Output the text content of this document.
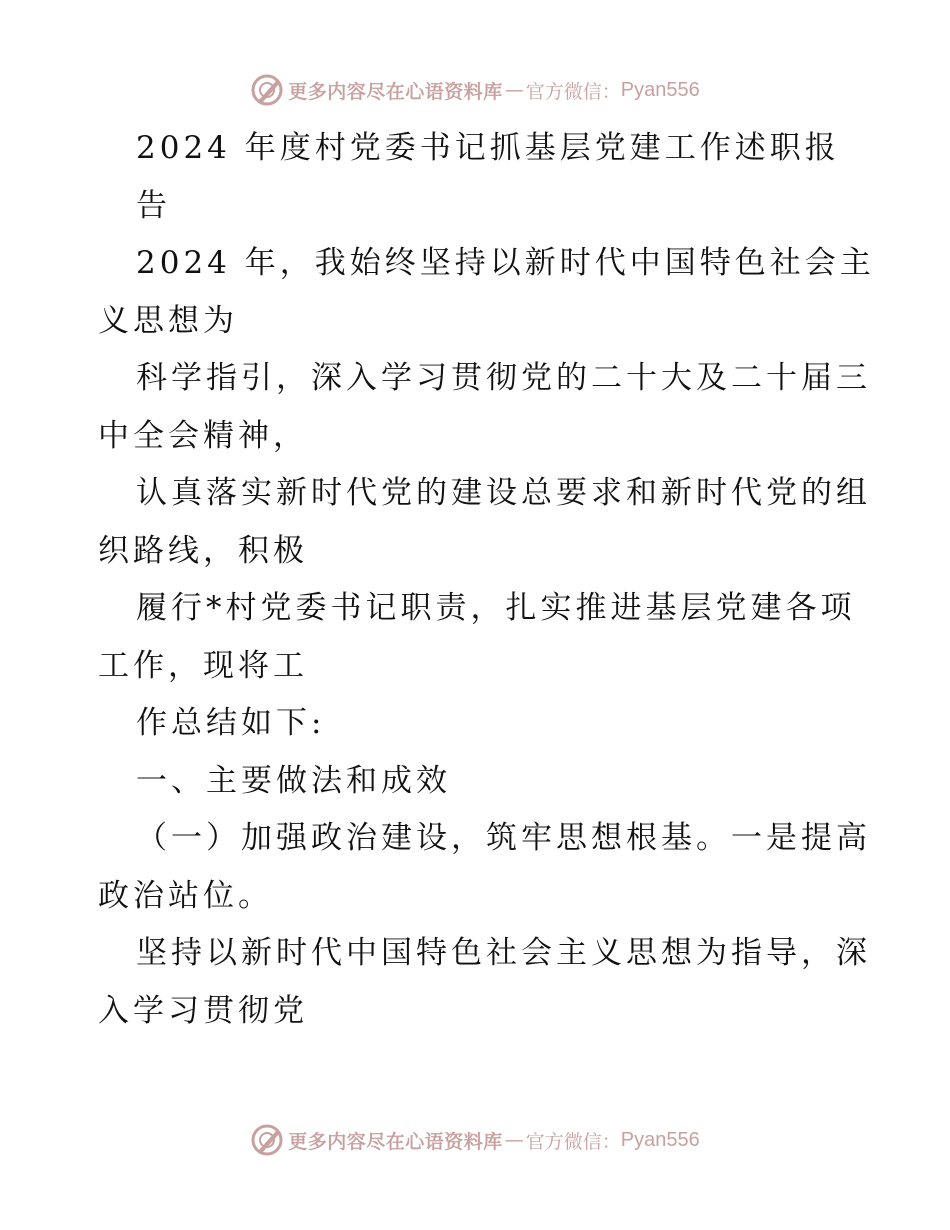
更多内容尽在心语资料库 — 官方微信： Pyan556
2024 年度村党委书记抓基层党建工作述职报
告
2024 年，我始终坚持以新时代中国特色社会主
义思想为
科学指引，深入学习贯彻党的二十大及二十届三
中全会精神，
认真落实新时代党的建设总要求和新时代党的组
织路线，积极
履行*村党委书记职责，扎实推进基层党建各项
工作，现将工
作总结如下:
一、主要做法和成效
（一）加强政治建设，筑牢思想根基。一是提高
政治站位。
坚持以新时代中国特色社会主义思想为指导，深
入学习贯彻党
更多内容尽在心语资料库 — 官方微信： Pyan556
